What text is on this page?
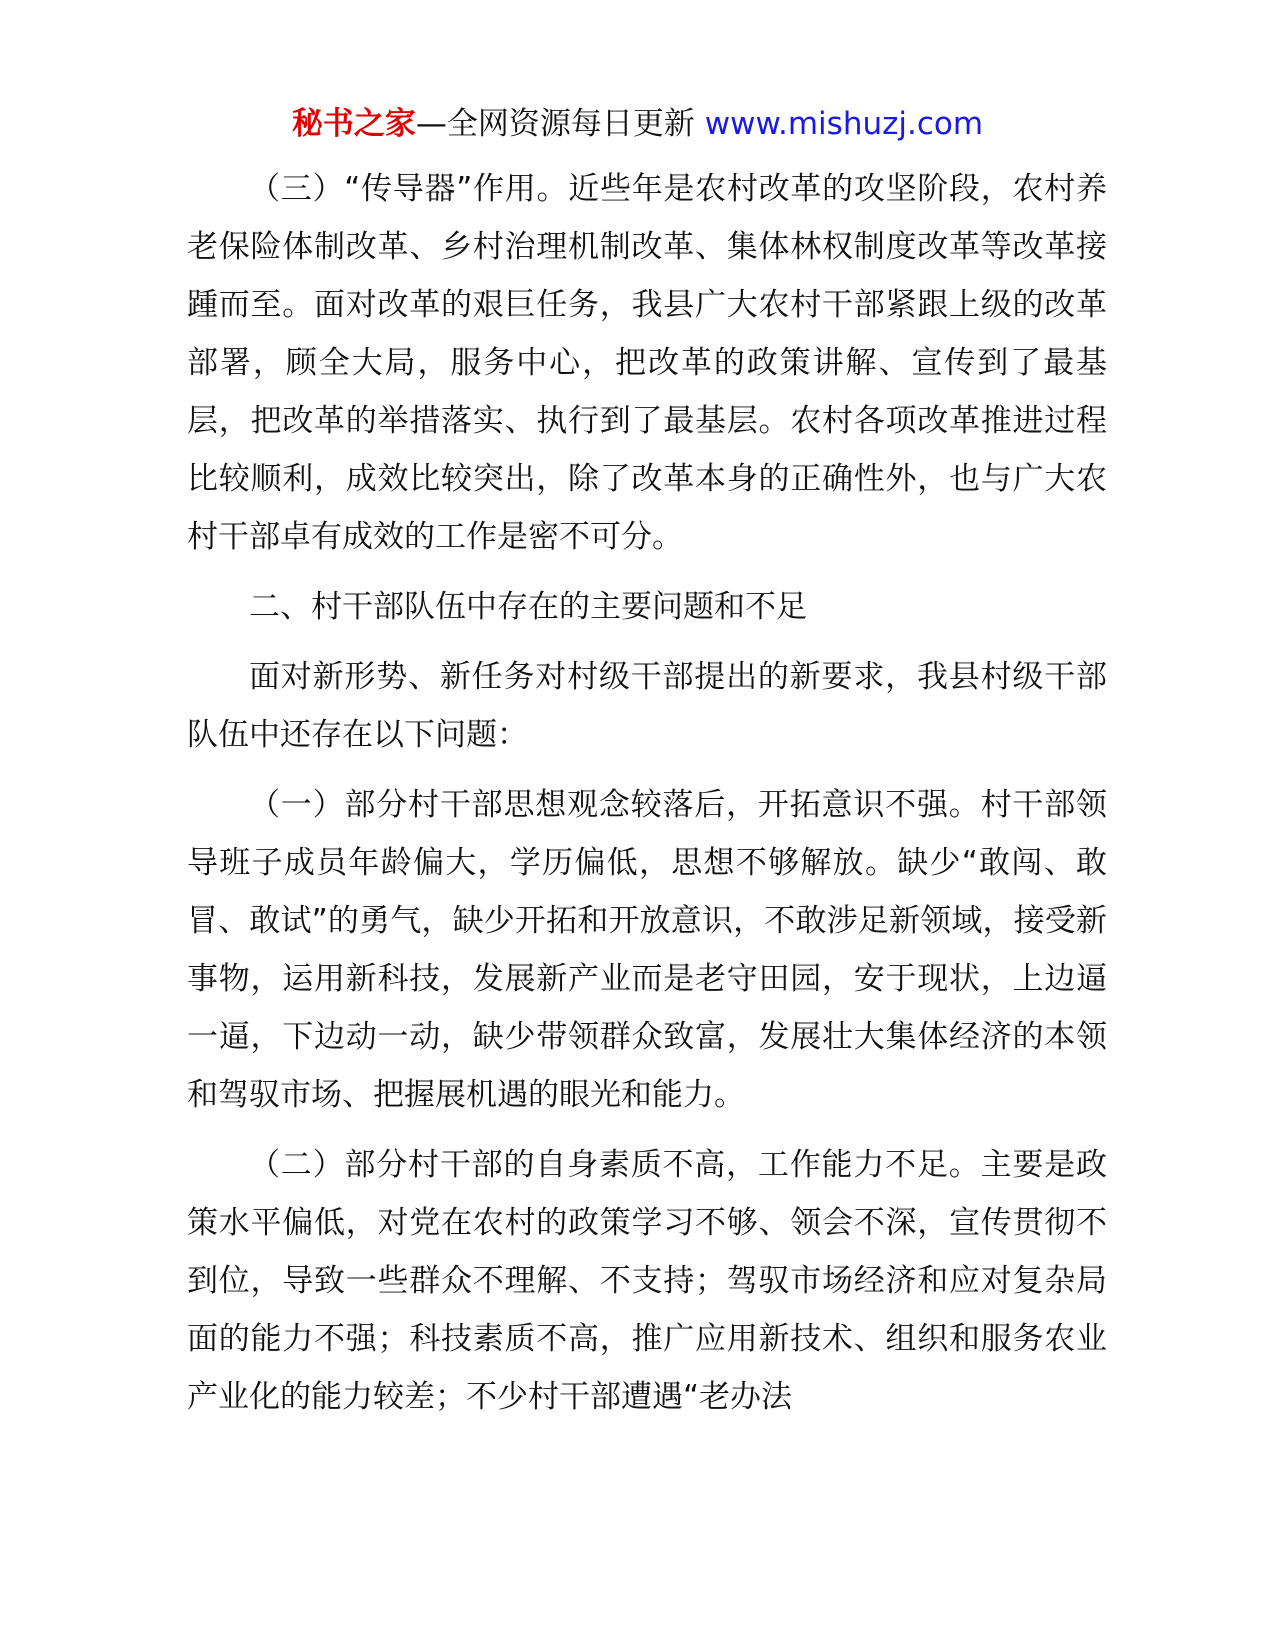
秘书之家—全网资源每日更新 www.mishuzj.com

（三）“传导器”作用。近些年是农村改革的攻坚阶段，农村养老保险体制改革、乡村治理机制改革、集体林权制度改革等改革接踵而至。面对改革的艰巨任务，我县广大农村干部紧跟上级的改革部署，顾全大局，服务中心，把改革的政策讲解、宣传到了最基层，把改革的举措落实、执行到了最基层。农村各项改革推进过程比较顺利，成效比较突出，除了改革本身的正确性外，也与广大农村干部卓有成效的工作是密不可分。

二、村干部队伍中存在的主要问题和不足

面对新形势、新任务对村级干部提出的新要求，我县村级干部队伍中还存在以下问题：

（一）部分村干部思想观念较落后，开拓意识不强。村干部领导班子成员年龄偏大，学历偏低，思想不够解放。缺少“敢闯、敢冒、敢试”的勇气，缺少开拓和开放意识，不敢涉足新领域，接受新事物，运用新科技，发展新产业而是老守田园，安于现状，上边逼一逼，下边动一动，缺少带领群众致富，发展壮大集体经济的本领和驾驭市场、把握展机遇的眼光和能力。

（二）部分村干部的自身素质不高，工作能力不足。主要是政策水平偏低，对党在农村的政策学习不够、领会不深，宣传贯彻不到位，导致一些群众不理解、不支持；驾驭市场经济和应对复杂局面的能力不强；科技素质不高，推广应用新技术、组织和服务农业产业化的能力较差；不少村干部遭遇“老办法
